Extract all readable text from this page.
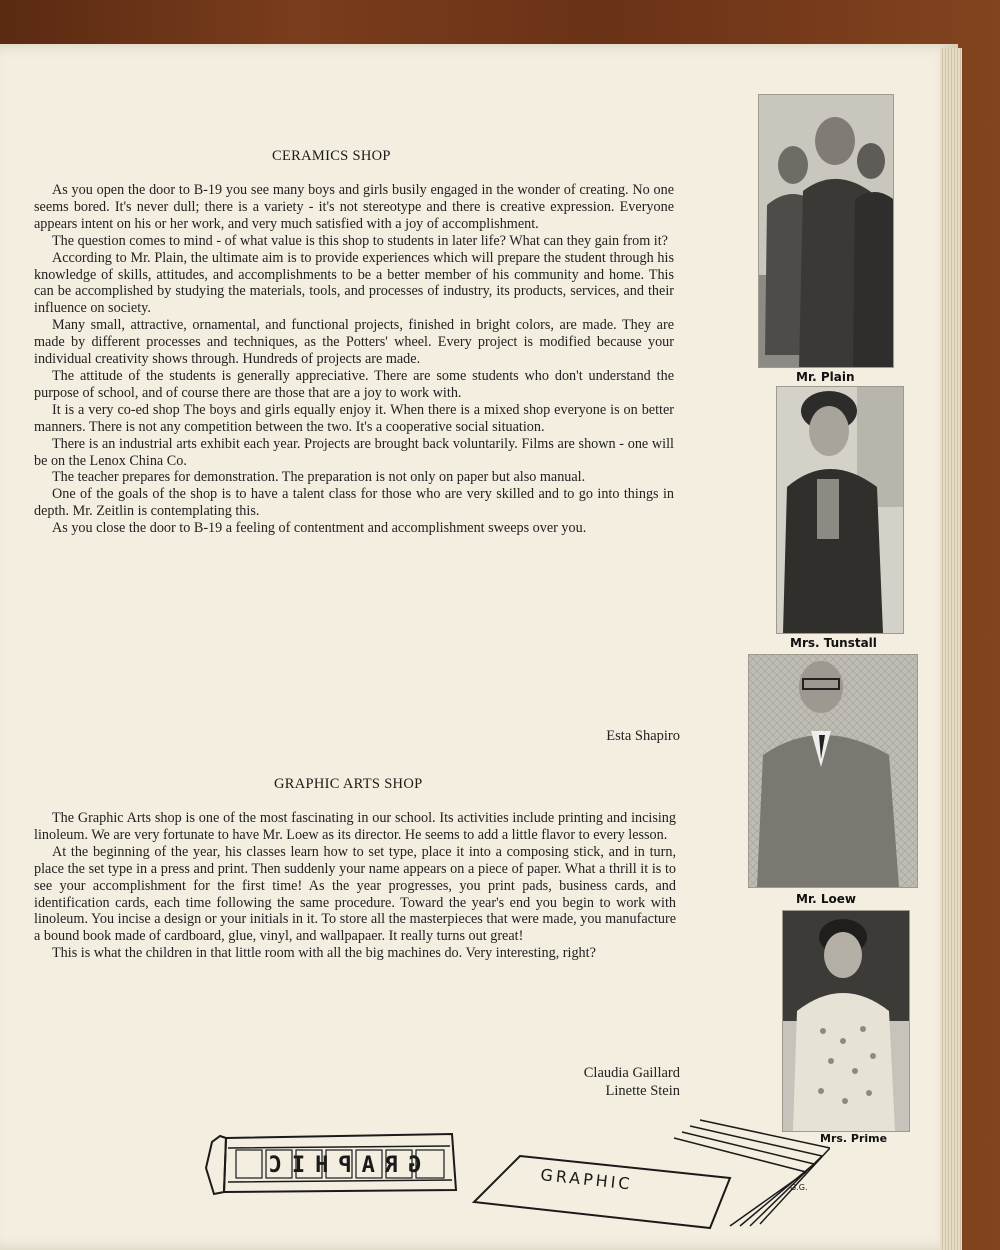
CERAMICS SHOP

As you open the door to B-19 you see many boys and girls busily engaged in the wonder of creating. No one seems bored. It's never dull; there is a variety - it's not stereotype and there is creative expression. Everyone appears intent on his or her work, and very much satisfied with a joy of accomplishment.

The question comes to mind - of what value is this shop to students in later life? What can they gain from it?

According to Mr. Plain, the ultimate aim is to provide experiences which will prepare the student through his knowledge of skills, attitudes, and accomplishments to be a better member of his community and home. This can be accomplished by studying the materials, tools, and processes of industry, its products, services, and their influence on society.

Many small, attractive, ornamental, and functional projects, finished in bright colors, are made. They are made by different processes and techniques, as the Potters' wheel. Every project is modified because your individual creativity shows through. Hundreds of projects are made.

The attitude of the students is generally appreciative. There are some students who don't understand the purpose of school, and of course there are those that are a joy to work with.

It is a very co-ed shop The boys and girls equally enjoy it. When there is a mixed shop everyone is on better manners. There is not any competition between the two. It's a cooperative social situation.

There is an industrial arts exhibit each year. Projects are brought back voluntarily. Films are shown - one will be on the Lenox China Co.

The teacher prepares for demonstration. The preparation is not only on paper but also manual.

One of the goals of the shop is to have a talent class for those who are very skilled and to go into things in depth. Mr. Zeitlin is contemplating this.

As you close the door to B-19 a feeling of contentment and accomplishment sweeps over you.

Esta Shapiro
GRAPHIC ARTS SHOP

The Graphic Arts shop is one of the most fascinating in our school. Its activities include printing and incising linoleum. We are very fortunate to have Mr. Loew as its director. He seems to add a little flavor to every lesson.

At the beginning of the year, his classes learn how to set type, place it into a composing stick, and in turn, place the set type in a press and print. Then suddenly your name appears on a piece of paper. What a thrill it is to see your accomplishment for the first time! As the year progresses, you print pads, business cards, and identification cards, each time following the same procedure. Toward the year's end you begin to work with linoleum. You incise a design or your initials in it. To store all the masterpieces that were made, you manufacture a bound book made of cardboard, glue, vinyl, and wallpapaer. It really turns out great!

This is what the children in that little room with all the big machines do. Very interesting, right?

Claudia Gaillard
Linette Stein
Mr. Plain
Mrs. Tunstall
Mr. Loew
Mrs. Prime
GRAPHIC	GRAPHIC	G.G.
